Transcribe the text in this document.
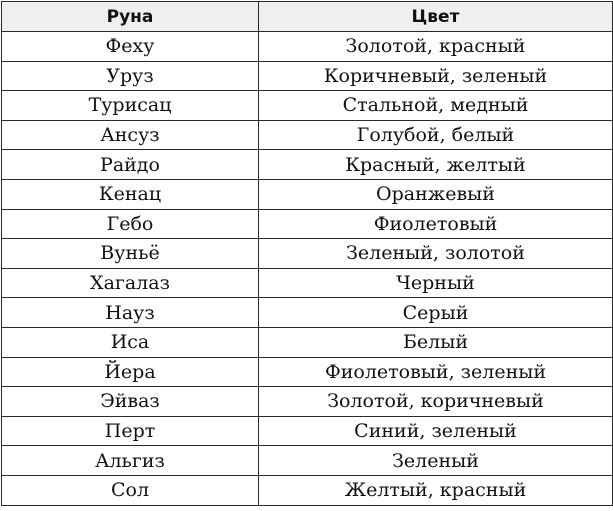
Руна	Цвет
Феху	Золотой, красный
Уруз	Коричневый, зеленый
Турисац	Стальной, медный
Ансуз	Голубой, белый
Райдо	Красный, желтый
Кенац	Оранжевый
Гебо	Фиолетовый
Вуньё	Зеленый, золотой
Хагалаз	Черный
Науз	Серый
Иса	Белый
Йера	Фиолетовый, зеленый
Эйваз	Золотой, коричневый
Перт	Синий, зеленый
Альгиз	Зеленый
Сол	Желтый, красный
